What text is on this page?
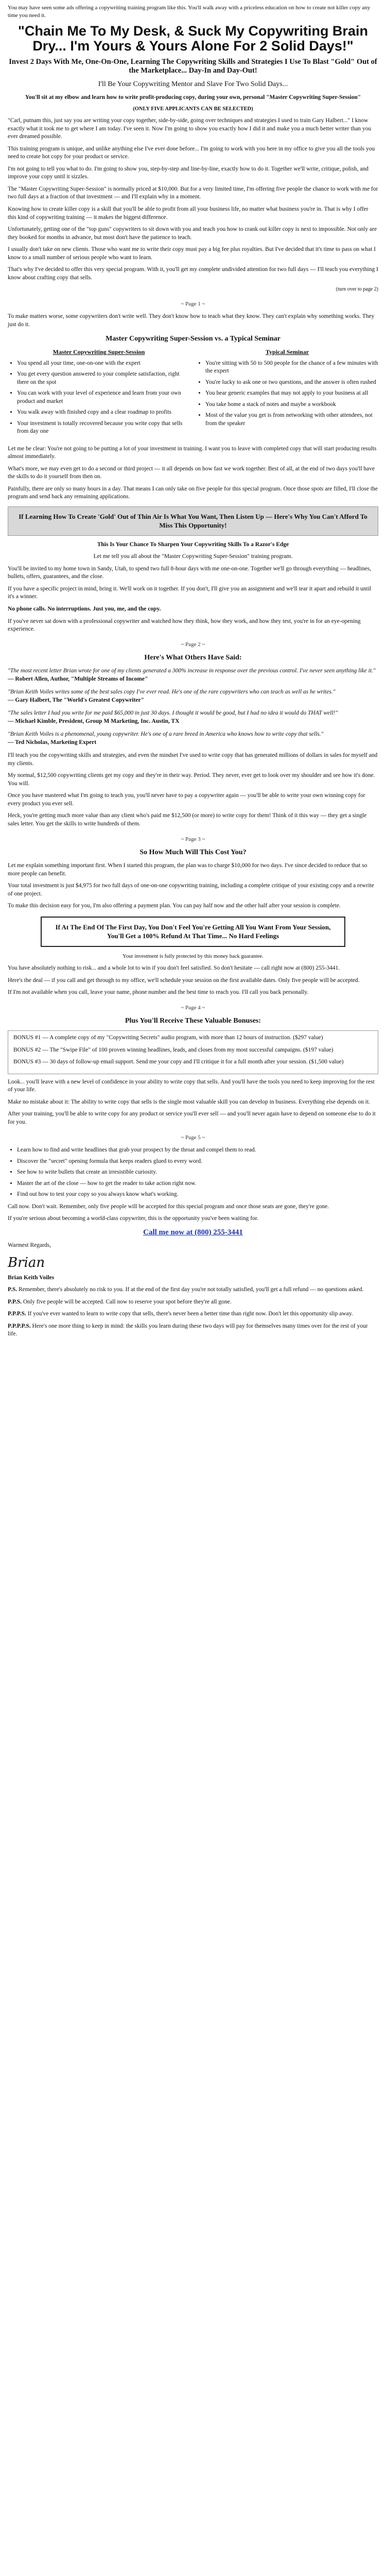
You may have seen some ads offering a copywriting training program like this. You'll walk away with a priceless education on how to create not killer copy any time you need it.

"Chain Me To My Desk, & Suck My Copywriting Brain Dry... I'm Yours & Yours Alone For 2 Solid Days!"
Invest 2 Days With Me, One-On-One, Learning The Copywriting Skills and Strategies I Use To Blast "Gold" Out of the Marketplace... Day-In and Day-Out!
I'll Be Your Copywriting Mentor and Slave For Two Solid Days...

You'll sit at my elbow and learn how to write profit-producing copy, during your own, personal "Master Copywriting Super-Session"

(ONLY FIVE APPLICANTS CAN BE SELECTED)

"Carl, putnam this, just say you are writing your copy together, side-by-side, going over techniques and strategies I used to train Gary Halbert..." I know exactly what it took me to get where I am today. I've seen it. Now I'm going to show you exactly how I did it and make you a much better writer than you ever dreamed possible.

This training program is unique, and unlike anything else I've ever done before... I'm going to work with you here in my office to give you all the tools you need to create hot copy for your product or service.

I'm not going to tell you what to do. I'm going to show you, step-by-step and line-by-line, exactly how to do it. Together we'll write, critique, polish, and improve your copy until it sizzles.

The "Master Copywriting Super-Session" is normally priced at $10,000. But for a very limited time, I'm offering five people the chance to work with me for two full days at a fraction of that investment — and I'll explain why in a moment.

Knowing how to create killer copy is a skill that you'll be able to profit from all your business life, no matter what business you're in. That is why I offer this kind of copywriting training — it makes the biggest difference.

Unfortunately, getting one of the "top guns" copywriters to sit down with you and teach you how to crank out killer copy is next to impossible. Not only are they booked for months in advance, but most don't have the patience to teach.

I usually don't take on new clients. Those who want me to write their copy must pay a big fee plus royalties. But I've decided that it's time to pass on what I know to a small number of serious people who want to learn.

That's why I've decided to offer this very special program. With it, you'll get my complete undivided attention for two full days — I'll teach you everything I know about crafting copy that sells.

(turn over to page 2)
~ Page 1 ~

To make matters worse, some copywriters don't write well. They don't know how to teach what they know. They can't explain why something works. They just do it.

Master Copywriting Super-Session vs. a Typical Seminar
Master Copywriting Super-Session
• You spend all your time, one-on-one with the expert
• You get every question answered to your complete satisfaction, right there on the spot
• You can work with your level of experience and learn from your own product and market
• You walk away with finished copy and a clear roadmap to profits
• Your investment is totally recovered because you write copy that sells from day one
Typical Seminar
• You're sitting with 50 to 500 people for the chance of a few minutes with the expert
• You're lucky to ask one or two questions, and the answer is often rushed
• You hear generic examples that may not apply to your business at all
• You take home a stack of notes and maybe a workbook
• Most of the value you get is from networking with other attendees, not from the speaker

Let me be clear: You're not going to be putting a lot of your investment in training. I want you to leave with completed copy that will start producing results almost immediately.

What's more, we may even get to do a second or third project — it all depends on how fast we work together. Best of all, at the end of two days you'll have the skills to do it yourself from then on.

Painfully, there are only so many hours in a day. That means I can only take on five people for this special program. Once those spots are filled, I'll close the program and send back any remaining applications.

If Learning How To Create 'Gold' Out of Thin Air Is What You Want, Then Listen Up — Here's Why You Can't Afford To Miss This Opportunity!

This Is Your Chance To Sharpen Your Copywriting Skills To a Razor's Edge

Let me tell you all about the "Master Copywriting Super-Session" training program.

You'll be invited to my home town in Sandy, Utah, to spend two full 8-hour days with me one-on-one. Together we'll go through everything — headlines, bullets, offers, guarantees, and the close.

If you have a specific project in mind, bring it. We'll work on it together. If you don't, I'll give you an assignment and we'll tear it apart and rebuild it until it's a winner.

No phone calls. No interruptions. Just you, me, and the copy.

If you've never sat down with a professional copywriter and watched how they think, how they work, and how they test, you're in for an eye-opening experience.

~ Page 2 ~
Here's What Others Have Said:
"The most recent letter Brian wrote for one of my clients generated a 300% increase in response over the previous control. I've never seen anything like it."
— Robert Allen, Author, "Multiple Streams of Income"
"Brian Keith Voiles writes some of the best sales copy I've ever read. He's one of the rare copywriters who can teach as well as he writes."
— Gary Halbert, The "World's Greatest Copywriter"
"The sales letter I had you write for me paid $65,000 in just 30 days. I thought it would be good, but I had no idea it would do THAT well!"
— Michael Kimble, President, Group M Marketing, Inc. Austin, TX
"Brian Keith Voiles is a phenomenal, young copywriter. He's one of a rare breed in America who knows how to write copy that sells."
— Ted Nicholas, Marketing Expert

I'll teach you the copywriting skills and strategies, and even the mindset I've used to write copy that has generated millions of dollars in sales for myself and my clients.

My normal, $12,500 copywriting clients get my copy and they're in their way. Period. They never, ever get to look over my shoulder and see how it's done. You will.

Once you have mastered what I'm going to teach you, you'll never have to pay a copywriter again — you'll be able to write your own winning copy for every product you ever sell.

Heck, you're getting much more value than any client who's paid me $12,500 (or more) to write copy for them! Think of it this way — they get a single sales letter. You get the skills to write hundreds of them.

~ Page 3 ~
So How Much Will This Cost You?

Let me explain something important first. When I started this program, the plan was to charge $10,000 for two days. I've since decided to reduce that so more people can benefit.

Your total investment is just $4,975 for two full days of one-on-one copywriting training, including a complete critique of your existing copy and a rewrite of one project.

To make this decision easy for you, I'm also offering a payment plan. You can pay half now and the other half after your session is complete.

If At The End Of The First Day, You Don't Feel You're Getting All You Want From Your Session, You'll Get a 100% Refund At That Time... No Hard Feelings

Your investment is fully protected by this money back guarantee.

You have absolutely nothing to risk... and a whole lot to win if you don't feel satisfied. So don't hesitate — call right now at (800) 255-3441.

Here's the deal — if you call and get through to my office, we'll schedule your session on the first available dates. Only five people will be accepted.

If I'm not available when you call, leave your name, phone number and the best time to reach you. I'll call you back personally.

~ Page 4 ~
Plus You'll Receive These Valuable Bonuses:

BONUS #1 — A complete copy of my "Copywriting Secrets" audio program, with more than 12 hours of instruction. ($297 value)

BONUS #2 — The "Swipe File" of 100 proven winning headlines, leads, and closes from my most successful campaigns. ($197 value)

BONUS #3 — 30 days of follow-up email support. Send me your copy and I'll critique it for a full month after your session. ($1,500 value)

Look... you'll leave with a new level of confidence in your ability to write copy that sells. And you'll have the tools you need to keep improving for the rest of your life.

Make no mistake about it: The ability to write copy that sells is the single most valuable skill you can develop in business. Everything else depends on it.

After your training, you'll be able to write copy for any product or service you'll ever sell — and you'll never again have to depend on someone else to do it for you.

~ Page 5 ~
• Learn how to find and write headlines that grab your prospect by the throat and compel them to read.
• Discover the "secret" opening formula that keeps readers glued to every word.
• See how to write bullets that create an irresistible curiosity.
• Master the art of the close — how to get the reader to take action right now.
• Find out how to test your copy so you always know what's working.

Call now. Don't wait. Remember, only five people will be accepted for this special program and once those seats are gone, they're gone.

If you're serious about becoming a world-class copywriter, this is the opportunity you've been waiting for.

Call me now at (800) 255-3441

Warmest Regards,

Brian

Brian Keith Voiles

P.S. Remember, there's absolutely no risk to you. If at the end of the first day you're not totally satisfied, you'll get a full refund — no questions asked.
P.P.S. Only five people will be accepted. Call now to reserve your spot before they're all gone.
P.P.P.S. If you've ever wanted to learn to write copy that sells, there's never been a better time than right now. Don't let this opportunity slip away.
P.P.P.P.S. Here's one more thing to keep in mind: the skills you learn during these two days will pay for themselves many times over for the rest of your life.
